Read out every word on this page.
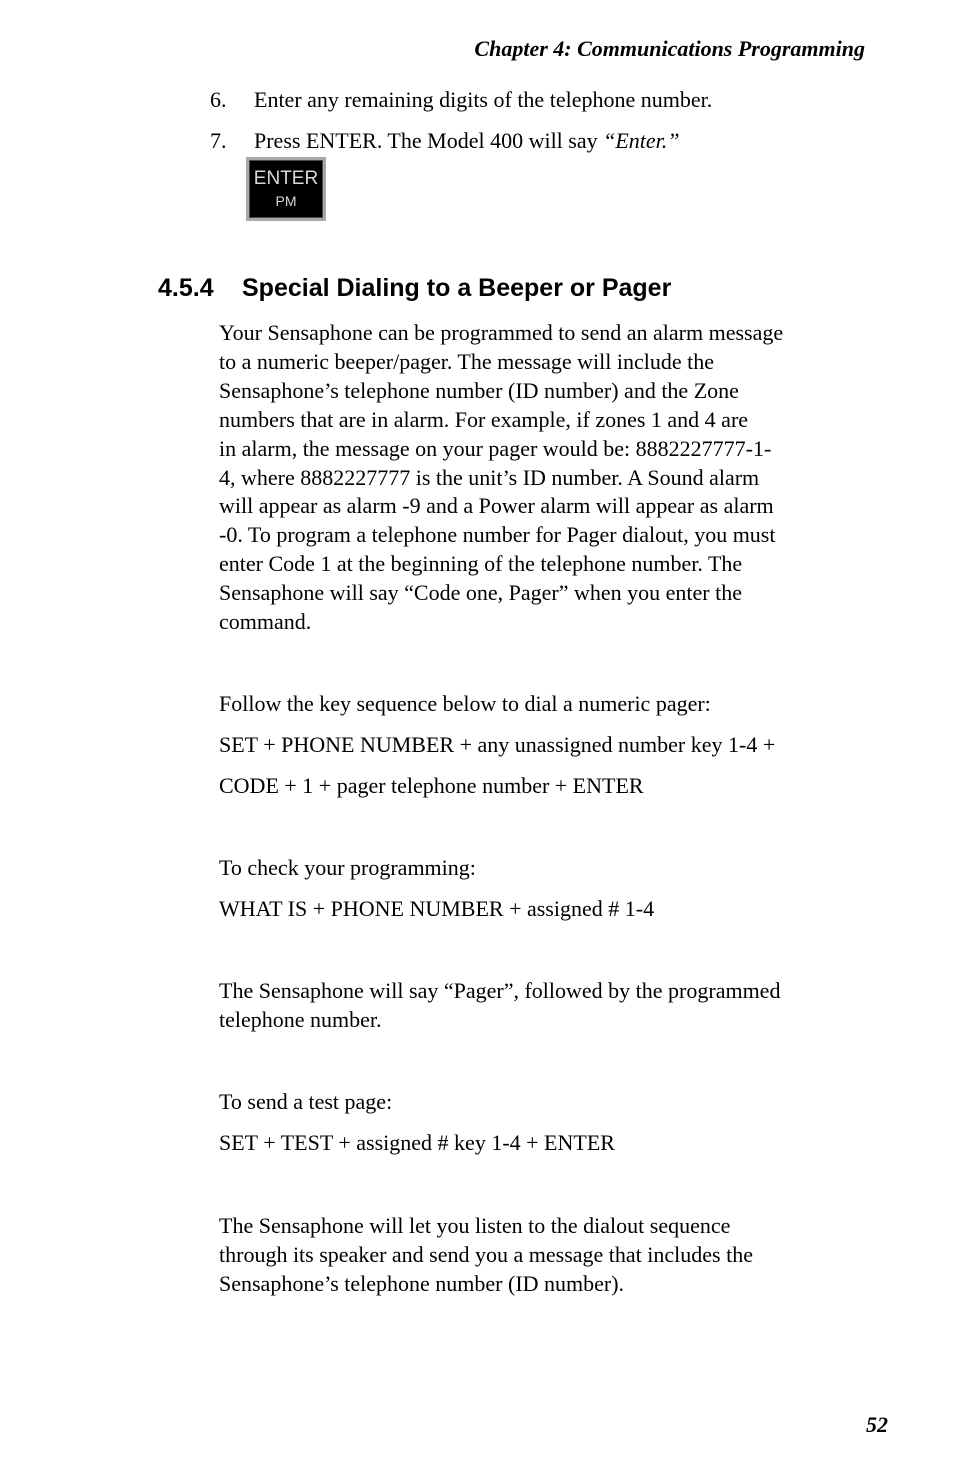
Chapter 4: Communications Programming
6. Enter any remaining digits of the telephone number.
7. Press ENTER. The Model 400 will say “Enter.”
ENTER
PM
4.5.4 Special Dialing to a Beeper or Pager
Your Sensaphone can be programmed to send an alarm message
to a numeric beeper/pager. The message will include the
Sensaphone’s telephone number (ID number) and the Zone
numbers that are in alarm. For example, if zones 1 and 4 are
in alarm, the message on your pager would be: 8882227777-1-
4, where 8882227777 is the unit’s ID number. A Sound alarm
will appear as alarm -9 and a Power alarm will appear as alarm
-0. To program a telephone number for Pager dialout, you must
enter Code 1 at the beginning of the telephone number. The
Sensaphone will say “Code one, Pager” when you enter the
command.
Follow the key sequence below to dial a numeric pager:
SET + PHONE NUMBER + any unassigned number key 1-4 +
CODE + 1 + pager telephone number + ENTER
To check your programming:
WHAT IS + PHONE NUMBER + assigned # 1-4
The Sensaphone will say “Pager”, followed by the programmed
telephone number.
To send a test page:
SET + TEST + assigned # key 1-4 + ENTER
The Sensaphone will let you listen to the dialout sequence
through its speaker and send you a message that includes the
Sensaphone’s telephone number (ID number).
52
